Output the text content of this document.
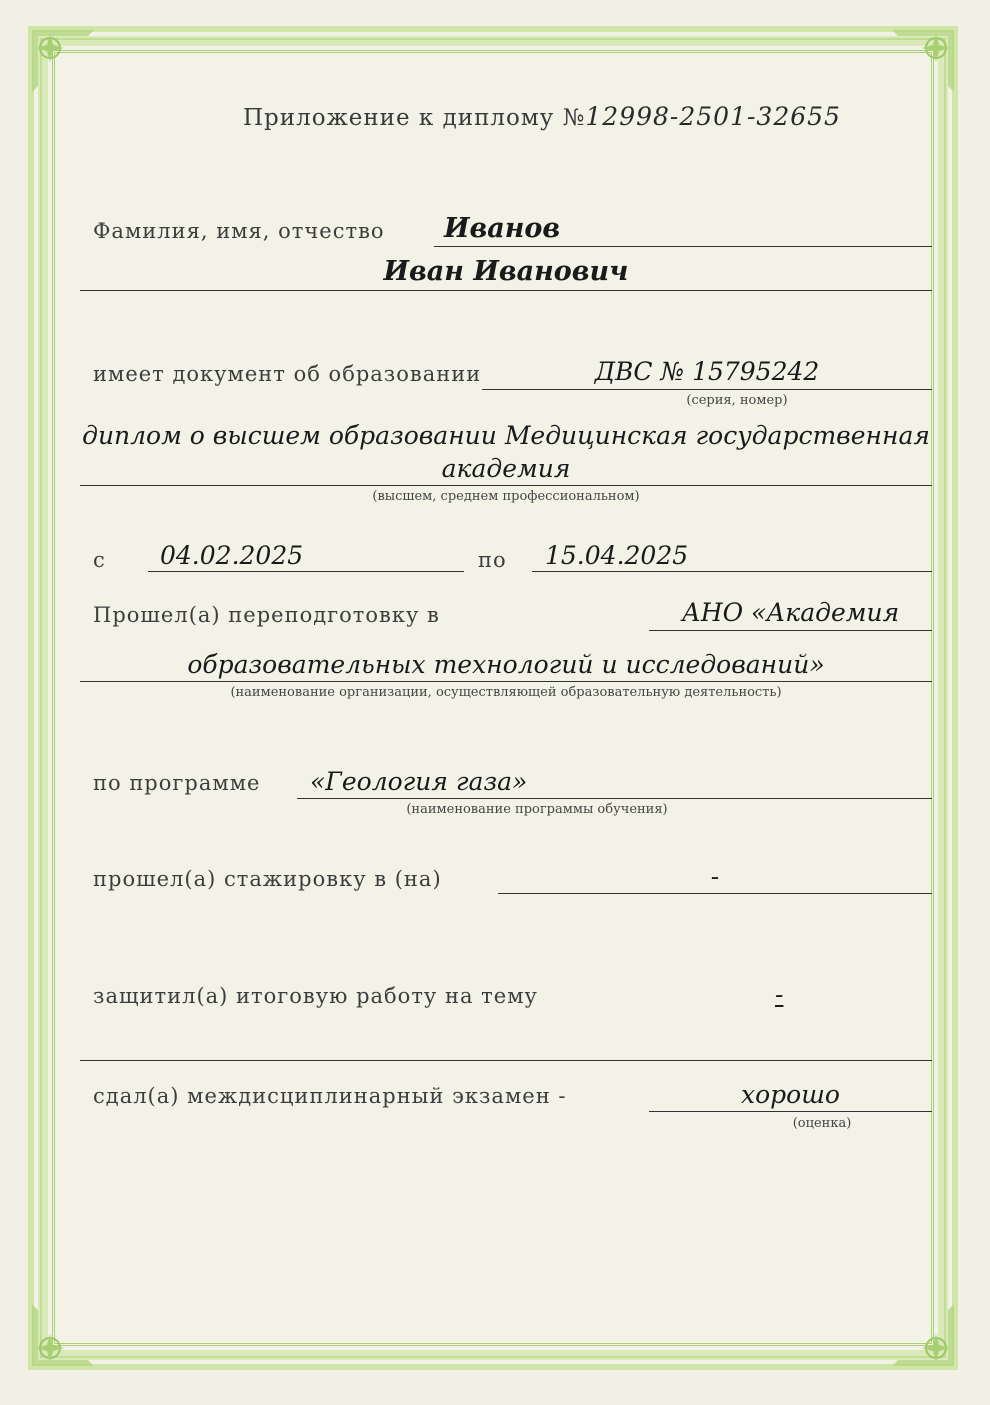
Приложение к диплому №12998-2501-32655
Фамилия, имя, отчество Иванов
Иван Иванович
имеет документ об образовании	ДВС № 15795242
(серия, номер)
диплом о высшем образовании Медицинская государственная
академия
(высшем, среднем профессиональном)
с 04.02.2025	по 15.04.2025
Прошел(а) переподготовку в	АНО «Академия
образовательных технологий и исследований»
(наименование организации, осуществляющей образовательную деятельность)
по программе «Геология газа»
(наименование программы обучения)
прошел(а) стажировку в (на)	-
защитил(а) итоговую работу на тему	-
сдал(а) междисциплинарный экзамен -	хорошо
(оценка)
